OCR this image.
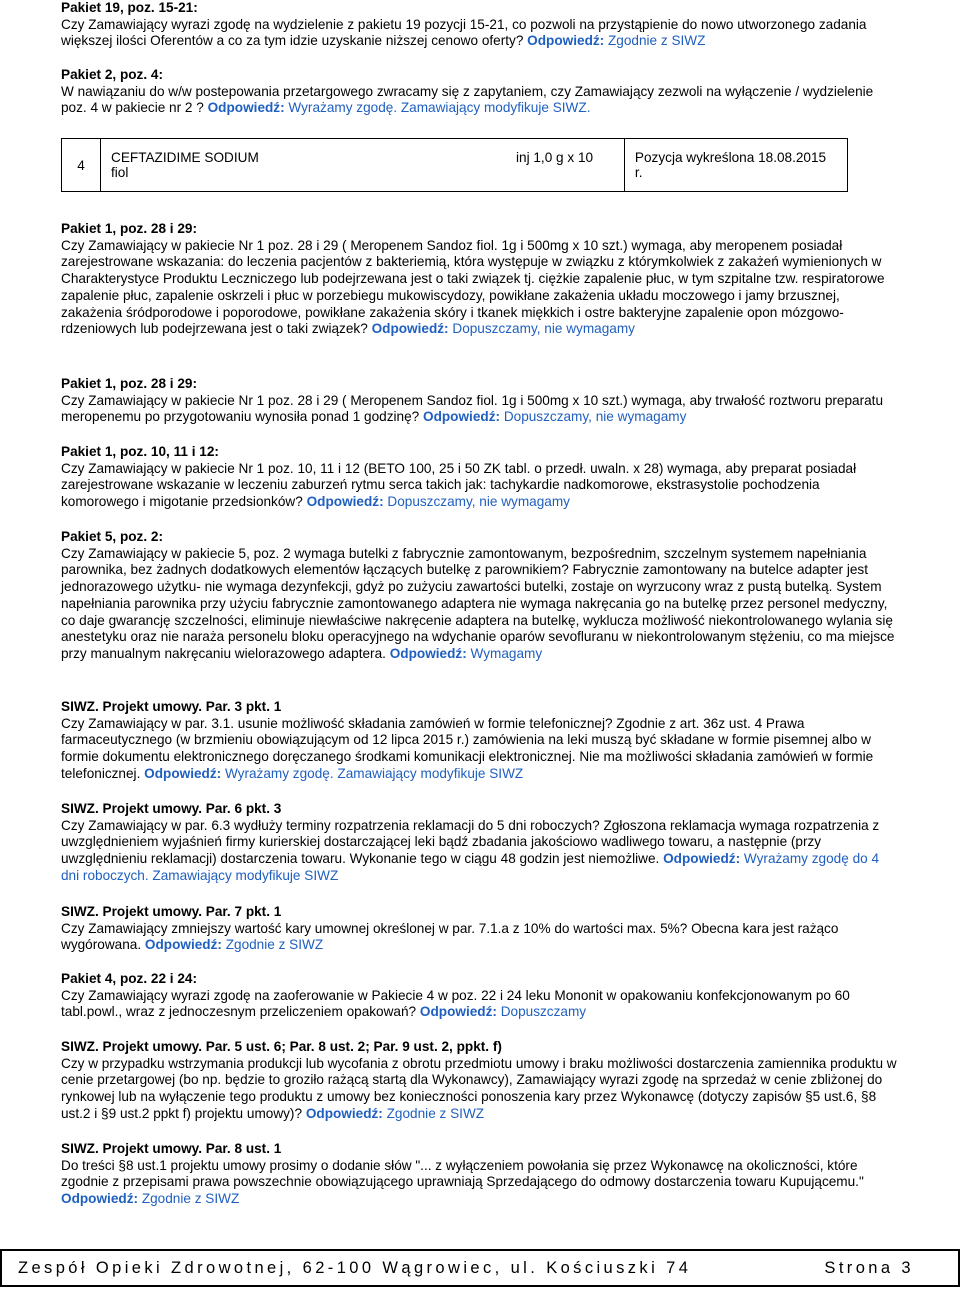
Pakiet 19, poz. 15-21:

Czy Zamawiający wyrazi zgodę na wydzielenie z pakietu 19 pozycji 15-21, co pozwoli na przystąpienie do nowo utworzonego zadania większej ilości Oferentów a co za tym idzie uzyskanie niższej cenowo oferty? Odpowiedź: Zgodnie z SIWZ

Pakiet 2, poz. 4:

W nawiązaniu do w/w postepowania przetargowego zwracamy się z zapytaniem, czy Zamawiający zezwoli na wyłączenie / wydzielenie poz. 4 w pakiecie nr 2 ? Odpowiedź: Wyrażamy zgodę. Zamawiający modyfikuje SIWZ.

4	CEFTAZIDIME SODIUM	inj 1,0 g x 10 fiol	Pozycja wykreślona 18.08.2015 r.

Pakiet 1, poz. 28 i 29:

Czy Zamawiający w pakiecie Nr 1 poz. 28 i 29 ( Meropenem Sandoz fiol. 1g i 500mg x 10 szt.) wymaga, aby meropenem posiadał zarejestrowane wskazania: do leczenia pacjentów z bakteriemią, która występuje w związku z którymkolwiek z zakażeń wymienionych w Charakterystyce Produktu Leczniczego lub podejrzewana jest o taki związek tj. ciężkie zapalenie płuc, w tym szpitalne tzw. respiratorowe zapalenie płuc, zapalenie oskrzeli i płuc w porzebiegu mukowiscydozy, powikłane zakażenia układu moczowego i jamy brzusznej, zakażenia śródporodowe i poporodowe, powikłane zakażenia skóry i tkanek miękkich i ostre bakteryjne zapalenie opon mózgowo-rdzeniowych lub podejrzewana jest o taki związek? Odpowiedź: Dopuszczamy, nie wymagamy

Pakiet 1, poz. 28 i 29:

Czy Zamawiający w pakiecie Nr 1 poz. 28 i 29 ( Meropenem Sandoz fiol. 1g i 500mg x 10 szt.) wymaga, aby trwałość roztworu preparatu meropenemu po przygotowaniu wynosiła ponad 1 godzinę? Odpowiedź: Dopuszczamy, nie wymagamy

Pakiet 1, poz. 10, 11 i 12:

Czy Zamawiający w pakiecie Nr 1 poz. 10, 11 i 12 (BETO 100, 25 i 50 ZK tabl. o przedł. uwaln. x 28) wymaga, aby preparat posiadał zarejestrowane wskazanie w leczeniu zaburzeń rytmu serca takich jak: tachykardie nadkomorowe, ekstrasystolie pochodzenia komorowego i migotanie przedsionków? Odpowiedź: Dopuszczamy, nie wymagamy

Pakiet 5, poz. 2:

Czy Zamawiający w pakiecie 5, poz. 2 wymaga butelki z fabrycznie zamontowanym, bezpośrednim, szczelnym systemem napełniania parownika, bez żadnych dodatkowych elementów łączących butelkę z parownikiem? Fabrycznie zamontowany na butelce adapter jest jednorazowego użytku- nie wymaga dezynfekcji, gdyż po zużyciu zawartości butelki, zostaje on wyrzucony wraz z pustą butelką. System napełniania parownika przy użyciu fabrycznie zamontowanego adaptera nie wymaga nakręcania go na butelkę przez personel medyczny, co daje gwarancję szczelności, eliminuje niewłaściwe nakręcenie adaptera na butelkę, wyklucza możliwość niekontrolowanego wylania się anestetyku oraz nie naraża personelu bloku operacyjnego na wdychanie oparów sevofluranu w niekontrolowanym stężeniu, co ma miejsce przy manualnym nakręcaniu wielorazowego adaptera. Odpowiedź: Wymagamy

SIWZ. Projekt umowy. Par. 3 pkt. 1

Czy Zamawiający w par. 3.1. usunie możliwość składania zamówień w formie telefonicznej? Zgodnie z art. 36z ust. 4 Prawa farmaceutycznego (w brzmieniu obowiązującym od 12 lipca 2015 r.) zamówienia na leki muszą być składane w formie pisemnej albo w formie dokumentu elektronicznego doręczanego środkami komunikacji elektronicznej. Nie ma możliwości składania zamówień w formie telefonicznej. Odpowiedź: Wyrażamy zgodę. Zamawiający modyfikuje SIWZ

SIWZ. Projekt umowy. Par. 6 pkt. 3

Czy Zamawiający w par. 6.3 wydłuży terminy rozpatrzenia reklamacji do 5 dni roboczych? Zgłoszona reklamacja wymaga rozpatrzenia z uwzględnieniem wyjaśnień firmy kurierskiej dostarczającej leki bądź zbadania jakościowo wadliwego towaru, a następnie (przy uwzględnieniu reklamacji) dostarczenia towaru. Wykonanie tego w ciągu 48 godzin jest niemożliwe. Odpowiedź: Wyrażamy zgodę do 4 dni roboczych. Zamawiający modyfikuje SIWZ

SIWZ. Projekt umowy. Par. 7 pkt. 1

Czy Zamawiający zmniejszy wartość kary umownej określonej w par. 7.1.a z 10% do wartości max. 5%? Obecna kara jest rażąco wygórowana. Odpowiedź: Zgodnie z SIWZ

Pakiet 4, poz. 22 i 24:

Czy Zamawiający wyrazi zgodę na zaoferowanie w Pakiecie 4 w poz. 22 i 24 leku Mononit w opakowaniu konfekcjonowanym po 60 tabl.powl., wraz z jednoczesnym przeliczeniem opakowań? Odpowiedź: Dopuszczamy

SIWZ. Projekt umowy. Par. 5 ust. 6; Par. 8 ust. 2; Par. 9 ust. 2, ppkt. f)

Czy w przypadku wstrzymania produkcji lub wycofania z obrotu przedmiotu umowy i braku możliwości dostarczenia zamiennika produktu w cenie przetargowej (bo np. będzie to groziło rażącą startą dla Wykonawcy), Zamawiający wyrazi zgodę na sprzedaż w cenie zbliżonej do rynkowej lub na wyłączenie tego produktu z umowy bez konieczności ponoszenia kary przez Wykonawcę (dotyczy zapisów §5 ust.6, §8 ust.2 i §9 ust.2 ppkt f) projektu umowy)? Odpowiedź: Zgodnie z SIWZ

SIWZ. Projekt umowy. Par. 8 ust. 1

Do treści §8 ust.1 projektu umowy prosimy o dodanie słów "... z wyłączeniem powołania się przez Wykonawcę na okoliczności, które zgodnie z przepisami prawa powszechnie obowiązującego uprawniają Sprzedającego do odmowy dostarczenia towaru Kupującemu." Odpowiedź: Zgodnie z SIWZ

Zespół Opieki Zdrowotnej, 62-100 Wągrowiec, ul. Kościuszki 74	Strona 3
